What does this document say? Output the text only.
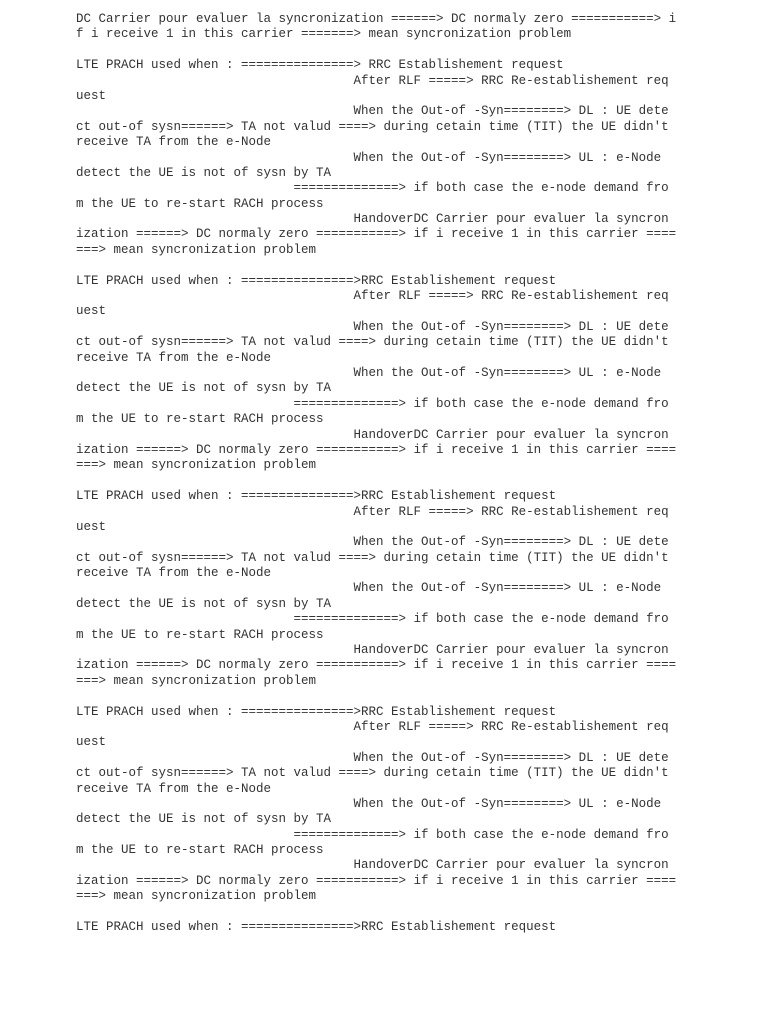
DC Carrier pour evaluer la syncronization ======> DC normaly zero ===========> i
f i receive 1 in this carrier =======> mean syncronization problem
LTE PRACH used when : ===============> RRC Establishement request
After RLF =====> RRC Re-establishement req
uest
When the Out-of -Syn========> DL : UE dete
ct out-of sysn======> TA not valud ====> during cetain time (TIT) the UE didn't
receive TA from the e-Node
When the Out-of -Syn========> UL : e-Node
detect the UE is not of sysn by TA
==============> if both case the e-node demand fro
m the UE to re-start RACH process
HandoverDC Carrier pour evaluer la syncron
ization ======> DC normaly zero ===========> if i receive 1 in this carrier ====
===> mean syncronization problem
LTE PRACH used when : ===============>RRC Establishement request
After RLF =====> RRC Re-establishement req
uest
When the Out-of -Syn========> DL : UE dete
ct out-of sysn======> TA not valud ====> during cetain time (TIT) the UE didn't
receive TA from the e-Node
When the Out-of -Syn========> UL : e-Node
detect the UE is not of sysn by TA
==============> if both case the e-node demand fro
m the UE to re-start RACH process
HandoverDC Carrier pour evaluer la syncron
ization ======> DC normaly zero ===========> if i receive 1 in this carrier ====
===> mean syncronization problem
LTE PRACH used when : ===============>RRC Establishement request
After RLF =====> RRC Re-establishement req
uest
When the Out-of -Syn========> DL : UE dete
ct out-of sysn======> TA not valud ====> during cetain time (TIT) the UE didn't
receive TA from the e-Node
When the Out-of -Syn========> UL : e-Node
detect the UE is not of sysn by TA
==============> if both case the e-node demand fro
m the UE to re-start RACH process
HandoverDC Carrier pour evaluer la syncron
ization ======> DC normaly zero ===========> if i receive 1 in this carrier ====
===> mean syncronization problem
LTE PRACH used when : ===============>RRC Establishement request
After RLF =====> RRC Re-establishement req
uest
When the Out-of -Syn========> DL : UE dete
ct out-of sysn======> TA not valud ====> during cetain time (TIT) the UE didn't
receive TA from the e-Node
When the Out-of -Syn========> UL : e-Node
detect the UE is not of sysn by TA
==============> if both case the e-node demand fro
m the UE to re-start RACH process
HandoverDC Carrier pour evaluer la syncron
ization ======> DC normaly zero ===========> if i receive 1 in this carrier ====
===> mean syncronization problem
LTE PRACH used when : ===============>RRC Establishement request
